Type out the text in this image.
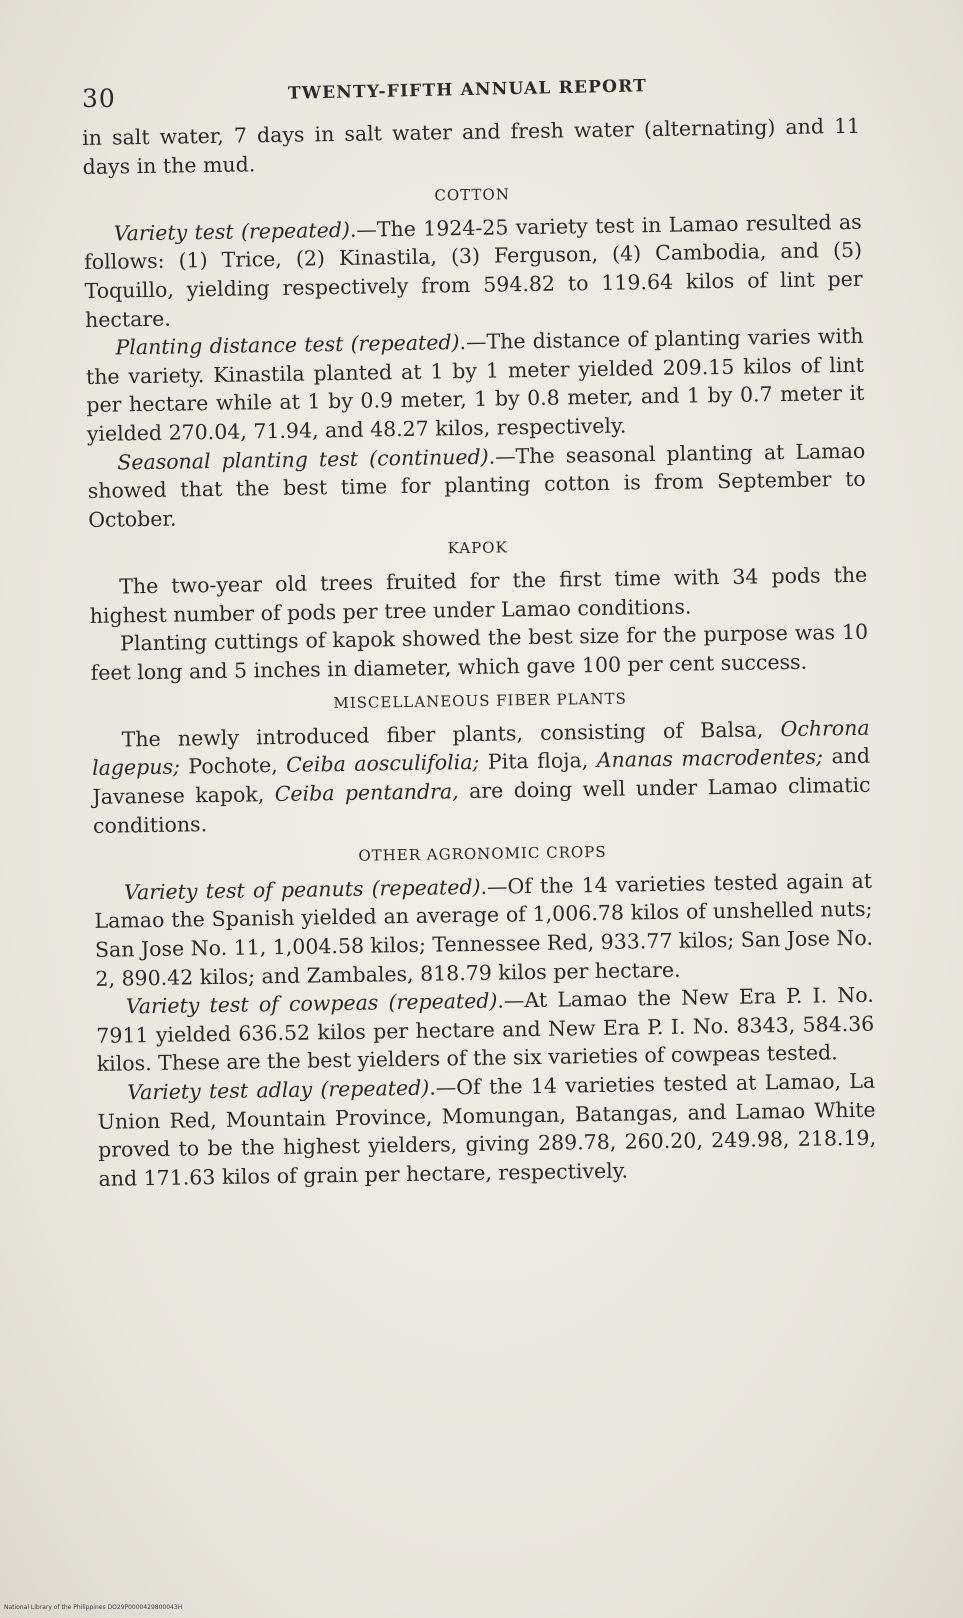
30	TWENTY-FIFTH ANNUAL REPORT

in salt water, 7 days in salt water and fresh water (alternating) and 11 days in the mud.

COTTON

Variety test (repeated).—The 1924-25 variety test in Lamao resulted as follows: (1) Trice, (2) Kinastila, (3) Ferguson, (4) Cambodia, and (5) Toquillo, yielding respectively from 594.82 to 119.64 kilos of lint per hectare.

Planting distance test (repeated).—The distance of planting varies with the variety. Kinastila planted at 1 by 1 meter yielded 209.15 kilos of lint per hectare while at 1 by 0.9 meter, 1 by 0.8 meter, and 1 by 0.7 meter it yielded 270.04, 71.94, and 48.27 kilos, respectively.

Seasonal planting test (continued).—The seasonal planting at Lamao showed that the best time for planting cotton is from September to October.

KAPOK

The two-year old trees fruited for the first time with 34 pods the highest number of pods per tree under Lamao conditions.

Planting cuttings of kapok showed the best size for the purpose was 10 feet long and 5 inches in diameter, which gave 100 per cent success.

MISCELLANEOUS FIBER PLANTS

The newly introduced fiber plants, consisting of Balsa, Ochrona lagepus; Pochote, Ceiba aosculifolia; Pita floja, Ananas macrodentes; and Javanese kapok, Ceiba pentandra, are doing well under Lamao climatic conditions.

OTHER AGRONOMIC CROPS

Variety test of peanuts (repeated).—Of the 14 varieties tested again at Lamao the Spanish yielded an average of 1,006.78 kilos of unshelled nuts; San Jose No. 11, 1,004.58 kilos; Tennessee Red, 933.77 kilos; San Jose No. 2, 890.42 kilos; and Zambales, 818.79 kilos per hectare.

Variety test of cowpeas (repeated).—At Lamao the New Era P. I. No. 7911 yielded 636.52 kilos per hectare and New Era P. I. No. 8343, 584.36 kilos. These are the best yielders of the six varieties of cowpeas tested.

Variety test adlay (repeated).—Of the 14 varieties tested at Lamao, La Union Red, Mountain Province, Momungan, Batangas, and Lamao White proved to be the highest yielders, giving 289.78, 260.20, 249.98, 218.19, and 171.63 kilos of grain per hectare, respectively.

National Library of the Philippines DO29P0000429800043H
